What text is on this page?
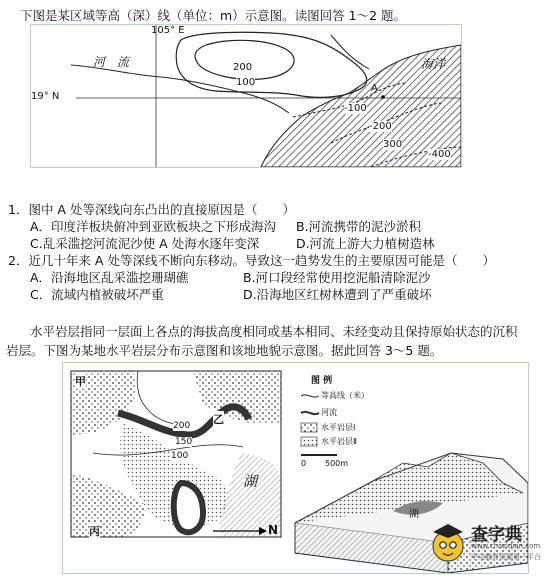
下图是某区域等高（深）线（单位：m）示意图。读图回答 1～2 题。
105° E
19° N
河　流	海洋
A
200
100
-100
-200
300
-400
1．图中 A 处等深线向东凸出的直接原因是（　　）
A．印度洋板块俯冲到亚欧板块之下形成海沟 B.河流携带的泥沙淤积
C.乱采滥挖河流泥沙使 A 处海水逐年变深	D.河流上游大力植树造林
2．近几十年来 A 处等深线不断向东移动。导致这一趋势发生的主要原因可能是（　　）
A．沿海地区乱采滥挖珊瑚礁	B.河口段经常使用挖泥船清除泥沙
C．流域内植被破坏严重	D.沿海地区红树林遭到了严重破坏
水平岩层指同一层面上各点的海拔高度相同或基本相同、未经变动且保持原始状态的沉积
岩层。下图为某地水平岩层分布示意图和该地地貌示意图。据此回答 3～5 题。
甲
乙
丙
湖
200
150
100
N
图 例
等高线（米）
河流
水平岩层Ⅰ
水平岩层Ⅱ
0 500m
湖
查字典
www.chazidian.com
中文教育资源第一平台
